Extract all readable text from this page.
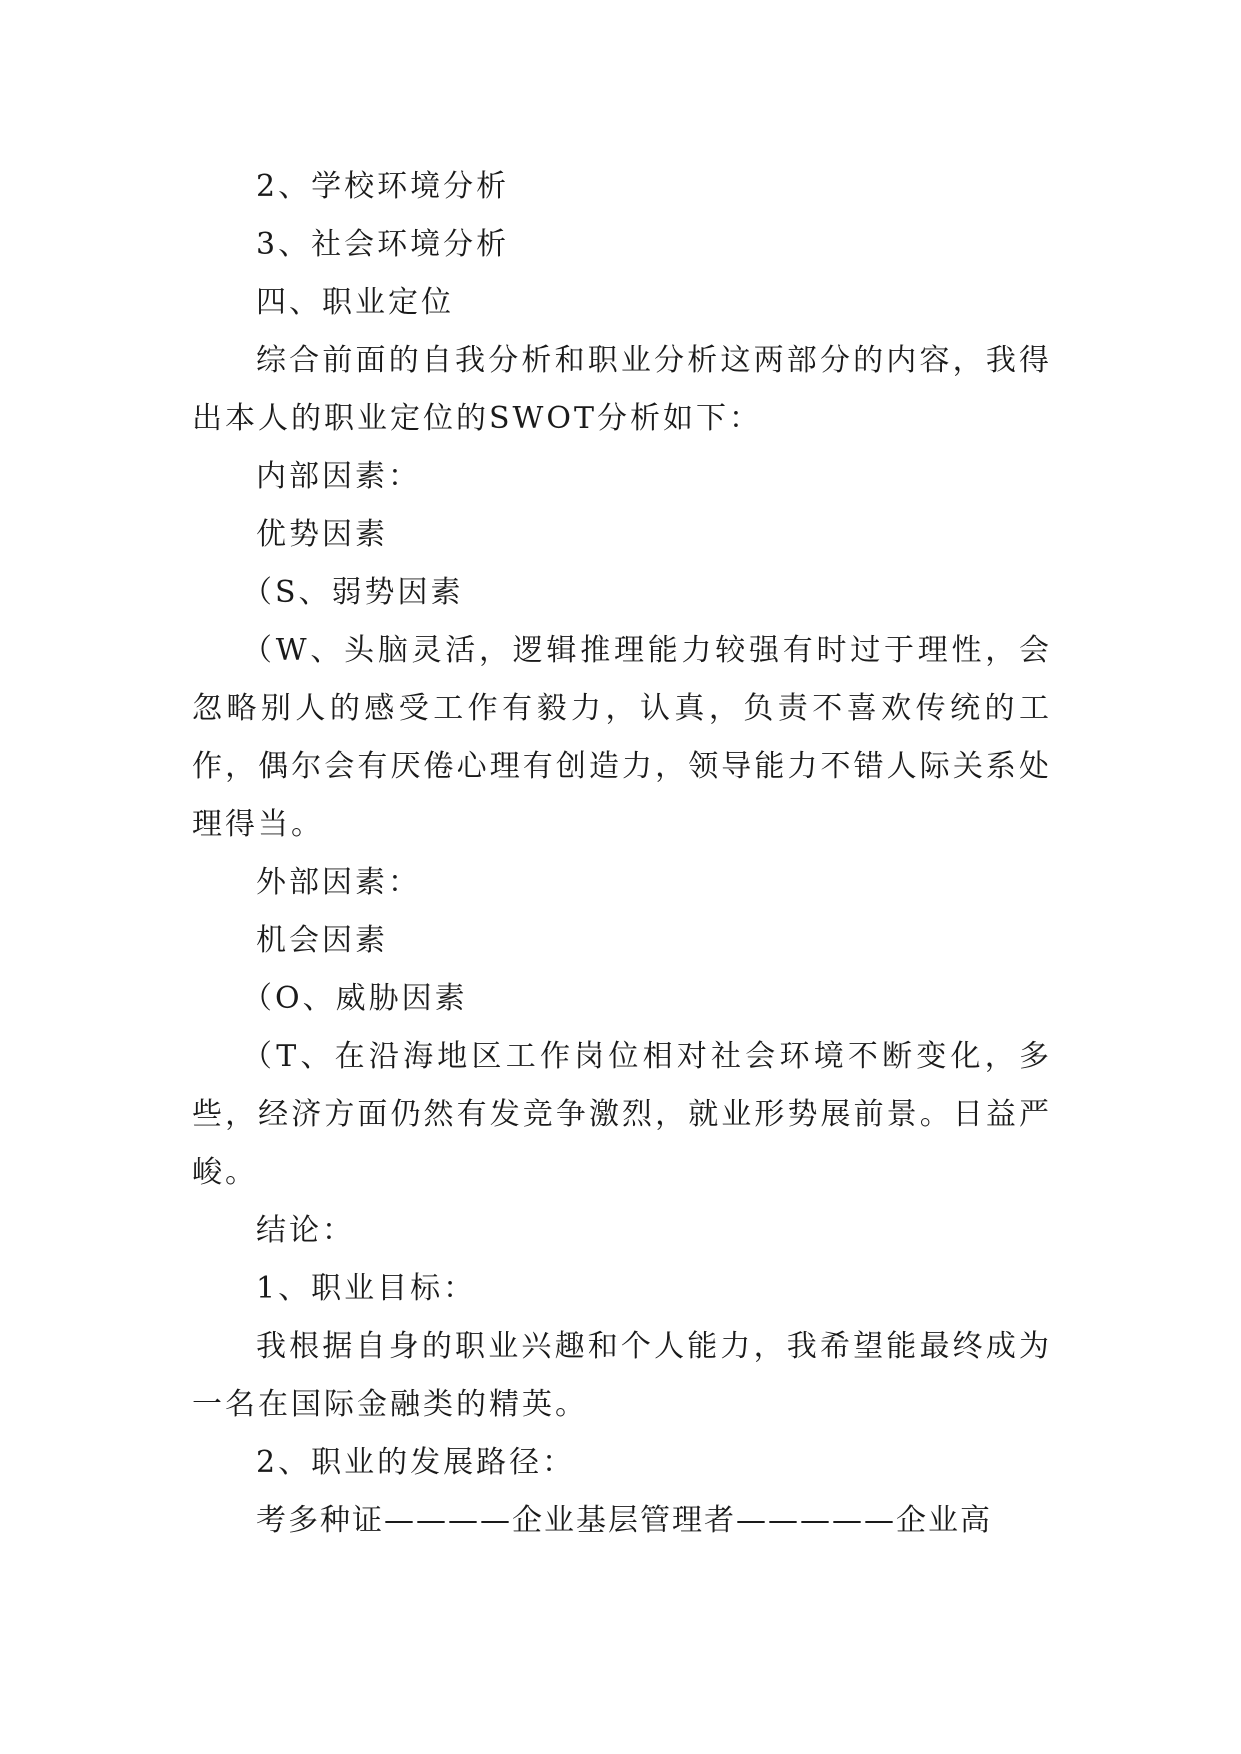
2、学校环境分析

3、社会环境分析

四、职业定位

综合前面的自我分析和职业分析这两部分的内容，我得出本人的职业定位的SWOT分析如下：

内部因素：

优势因素

（S、弱势因素

（W、头脑灵活，逻辑推理能力较强有时过于理性，会忽略别人的感受工作有毅力，认真，负责不喜欢传统的工作，偶尔会有厌倦心理有创造力，领导能力不错人际关系处理得当。

外部因素：

机会因素

（O、威胁因素

（T、在沿海地区工作岗位相对社会环境不断变化，多些，经济方面仍然有发竞争激烈，就业形势展前景。日益严峻。

结论：

1、职业目标：

我根据自身的职业兴趣和个人能力，我希望能最终成为一名在国际金融类的精英。

2、职业的发展路径：

考多种证————企业基层管理者—————企业高
